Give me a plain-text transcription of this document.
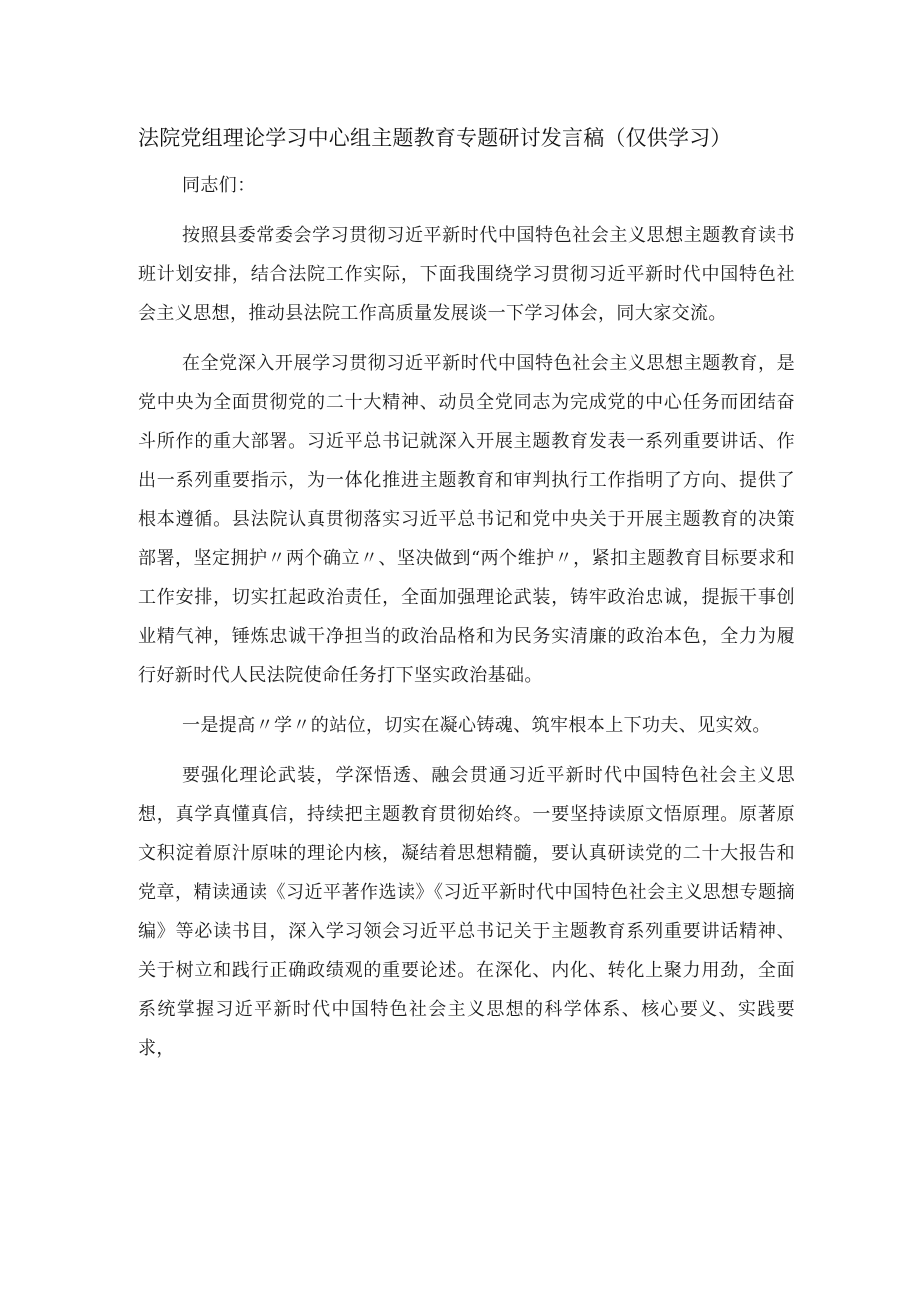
法院党组理论学习中心组主题教育专题研讨发言稿（仅供学习）

同志们：

按照县委常委会学习贯彻习近平新时代中国特色社会主义思想主题教育读书班计划安排，结合法院工作实际，下面我围绕学习贯彻习近平新时代中国特色社会主义思想，推动县法院工作高质量发展谈一下学习体会，同大家交流。

在全党深入开展学习贯彻习近平新时代中国特色社会主义思想主题教育，是党中央为全面贯彻党的二十大精神、动员全党同志为完成党的中心任务而团结奋斗所作的重大部署。习近平总书记就深入开展主题教育发表一系列重要讲话、作出一系列重要指示，为一体化推进主题教育和审判执行工作指明了方向、提供了根本遵循。县法院认真贯彻落实习近平总书记和党中央关于开展主题教育的决策部署，坚定拥护〃两个确立〃、坚决做到“两个维护〃，紧扣主题教育目标要求和工作安排，切实扛起政治责任，全面加强理论武装，铸牢政治忠诚，提振干事创业精气神，锤炼忠诚干净担当的政治品格和为民务实清廉的政治本色，全力为履行好新时代人民法院使命任务打下坚实政治基础。

一是提高〃学〃的站位，切实在凝心铸魂、筑牢根本上下功夫、见实效。

要强化理论武装，学深悟透、融会贯通习近平新时代中国特色社会主义思想，真学真懂真信，持续把主题教育贯彻始终。一要坚持读原文悟原理。原著原文积淀着原汁原味的理论内核，凝结着思想精髓，要认真研读党的二十大报告和党章，精读通读《习近平著作选读》《习近平新时代中国特色社会主义思想专题摘编》等必读书目，深入学习领会习近平总书记关于主题教育系列重要讲话精神、关于树立和践行正确政绩观的重要论述。在深化、内化、转化上聚力用劲，全面系统掌握习近平新时代中国特色社会主义思想的科学体系、核心要义、实践要求，
